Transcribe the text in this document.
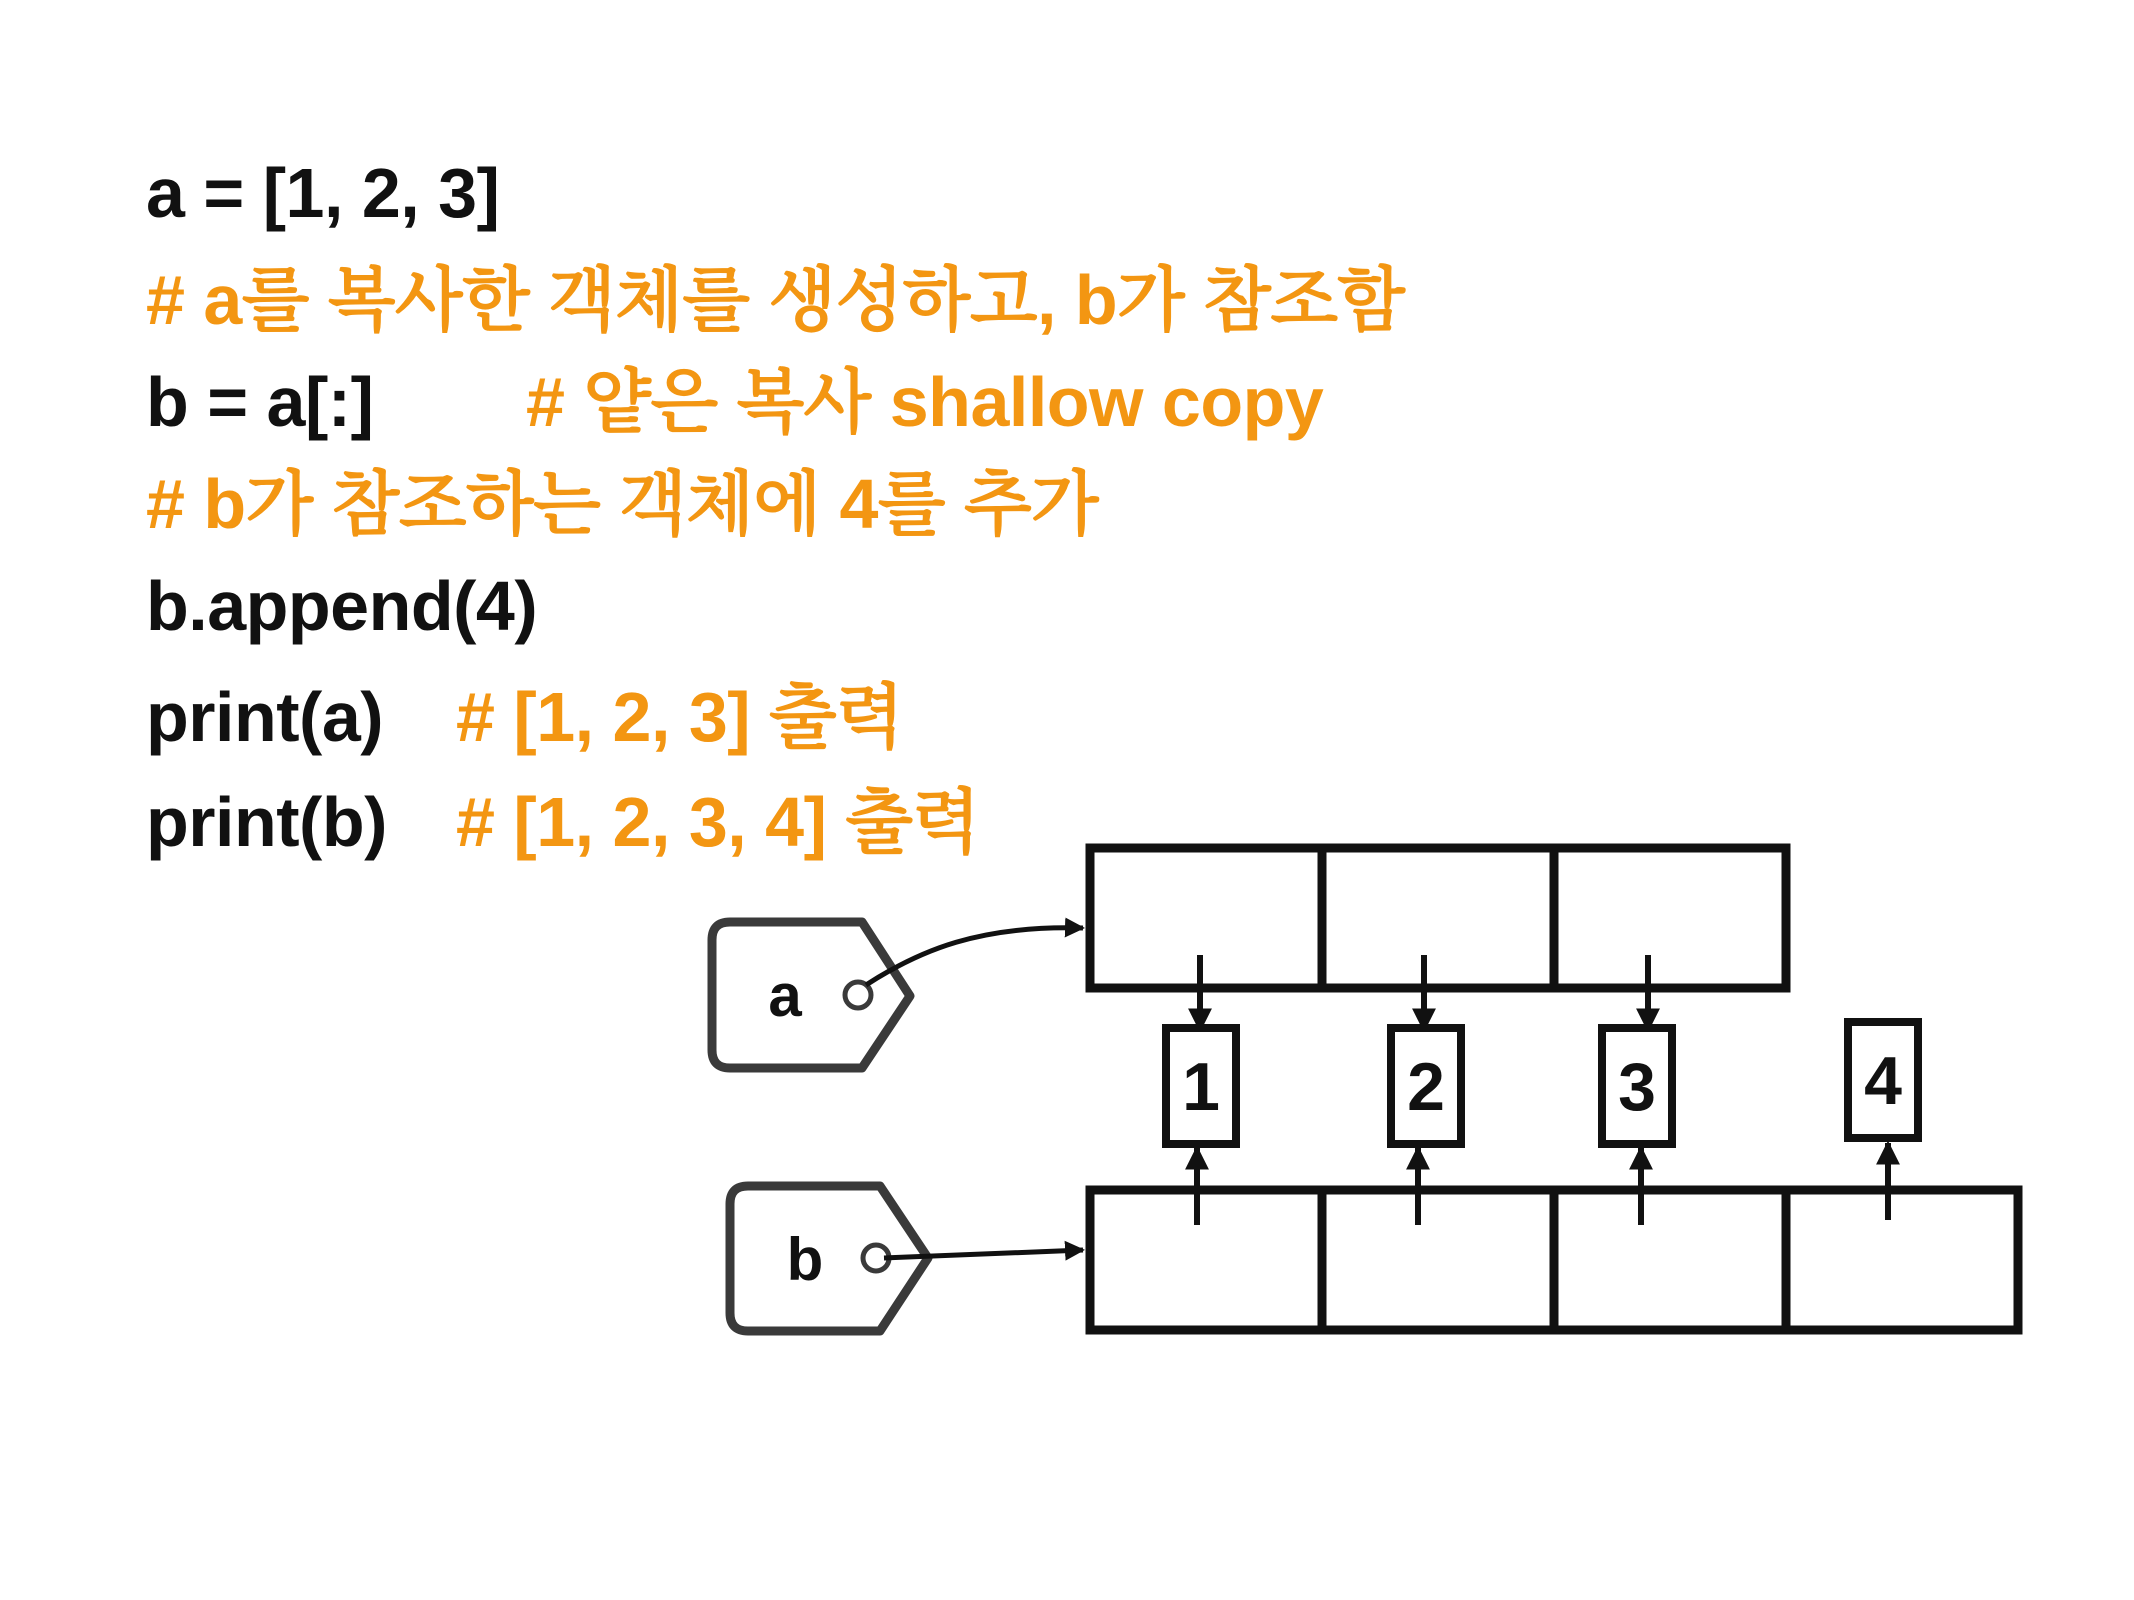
a = [1, 2, 3]
# a를 복사한 객체를 생성하고, b가 참조함
b = a[:] # 얕은 복사 shallow copy
# b가 참조하는 객체에 4를 추가
b.append(4)
print(a) # [1, 2, 3] 출력
print(b) # [1, 2, 3, 4] 출력
a
b
1	2	3	4
